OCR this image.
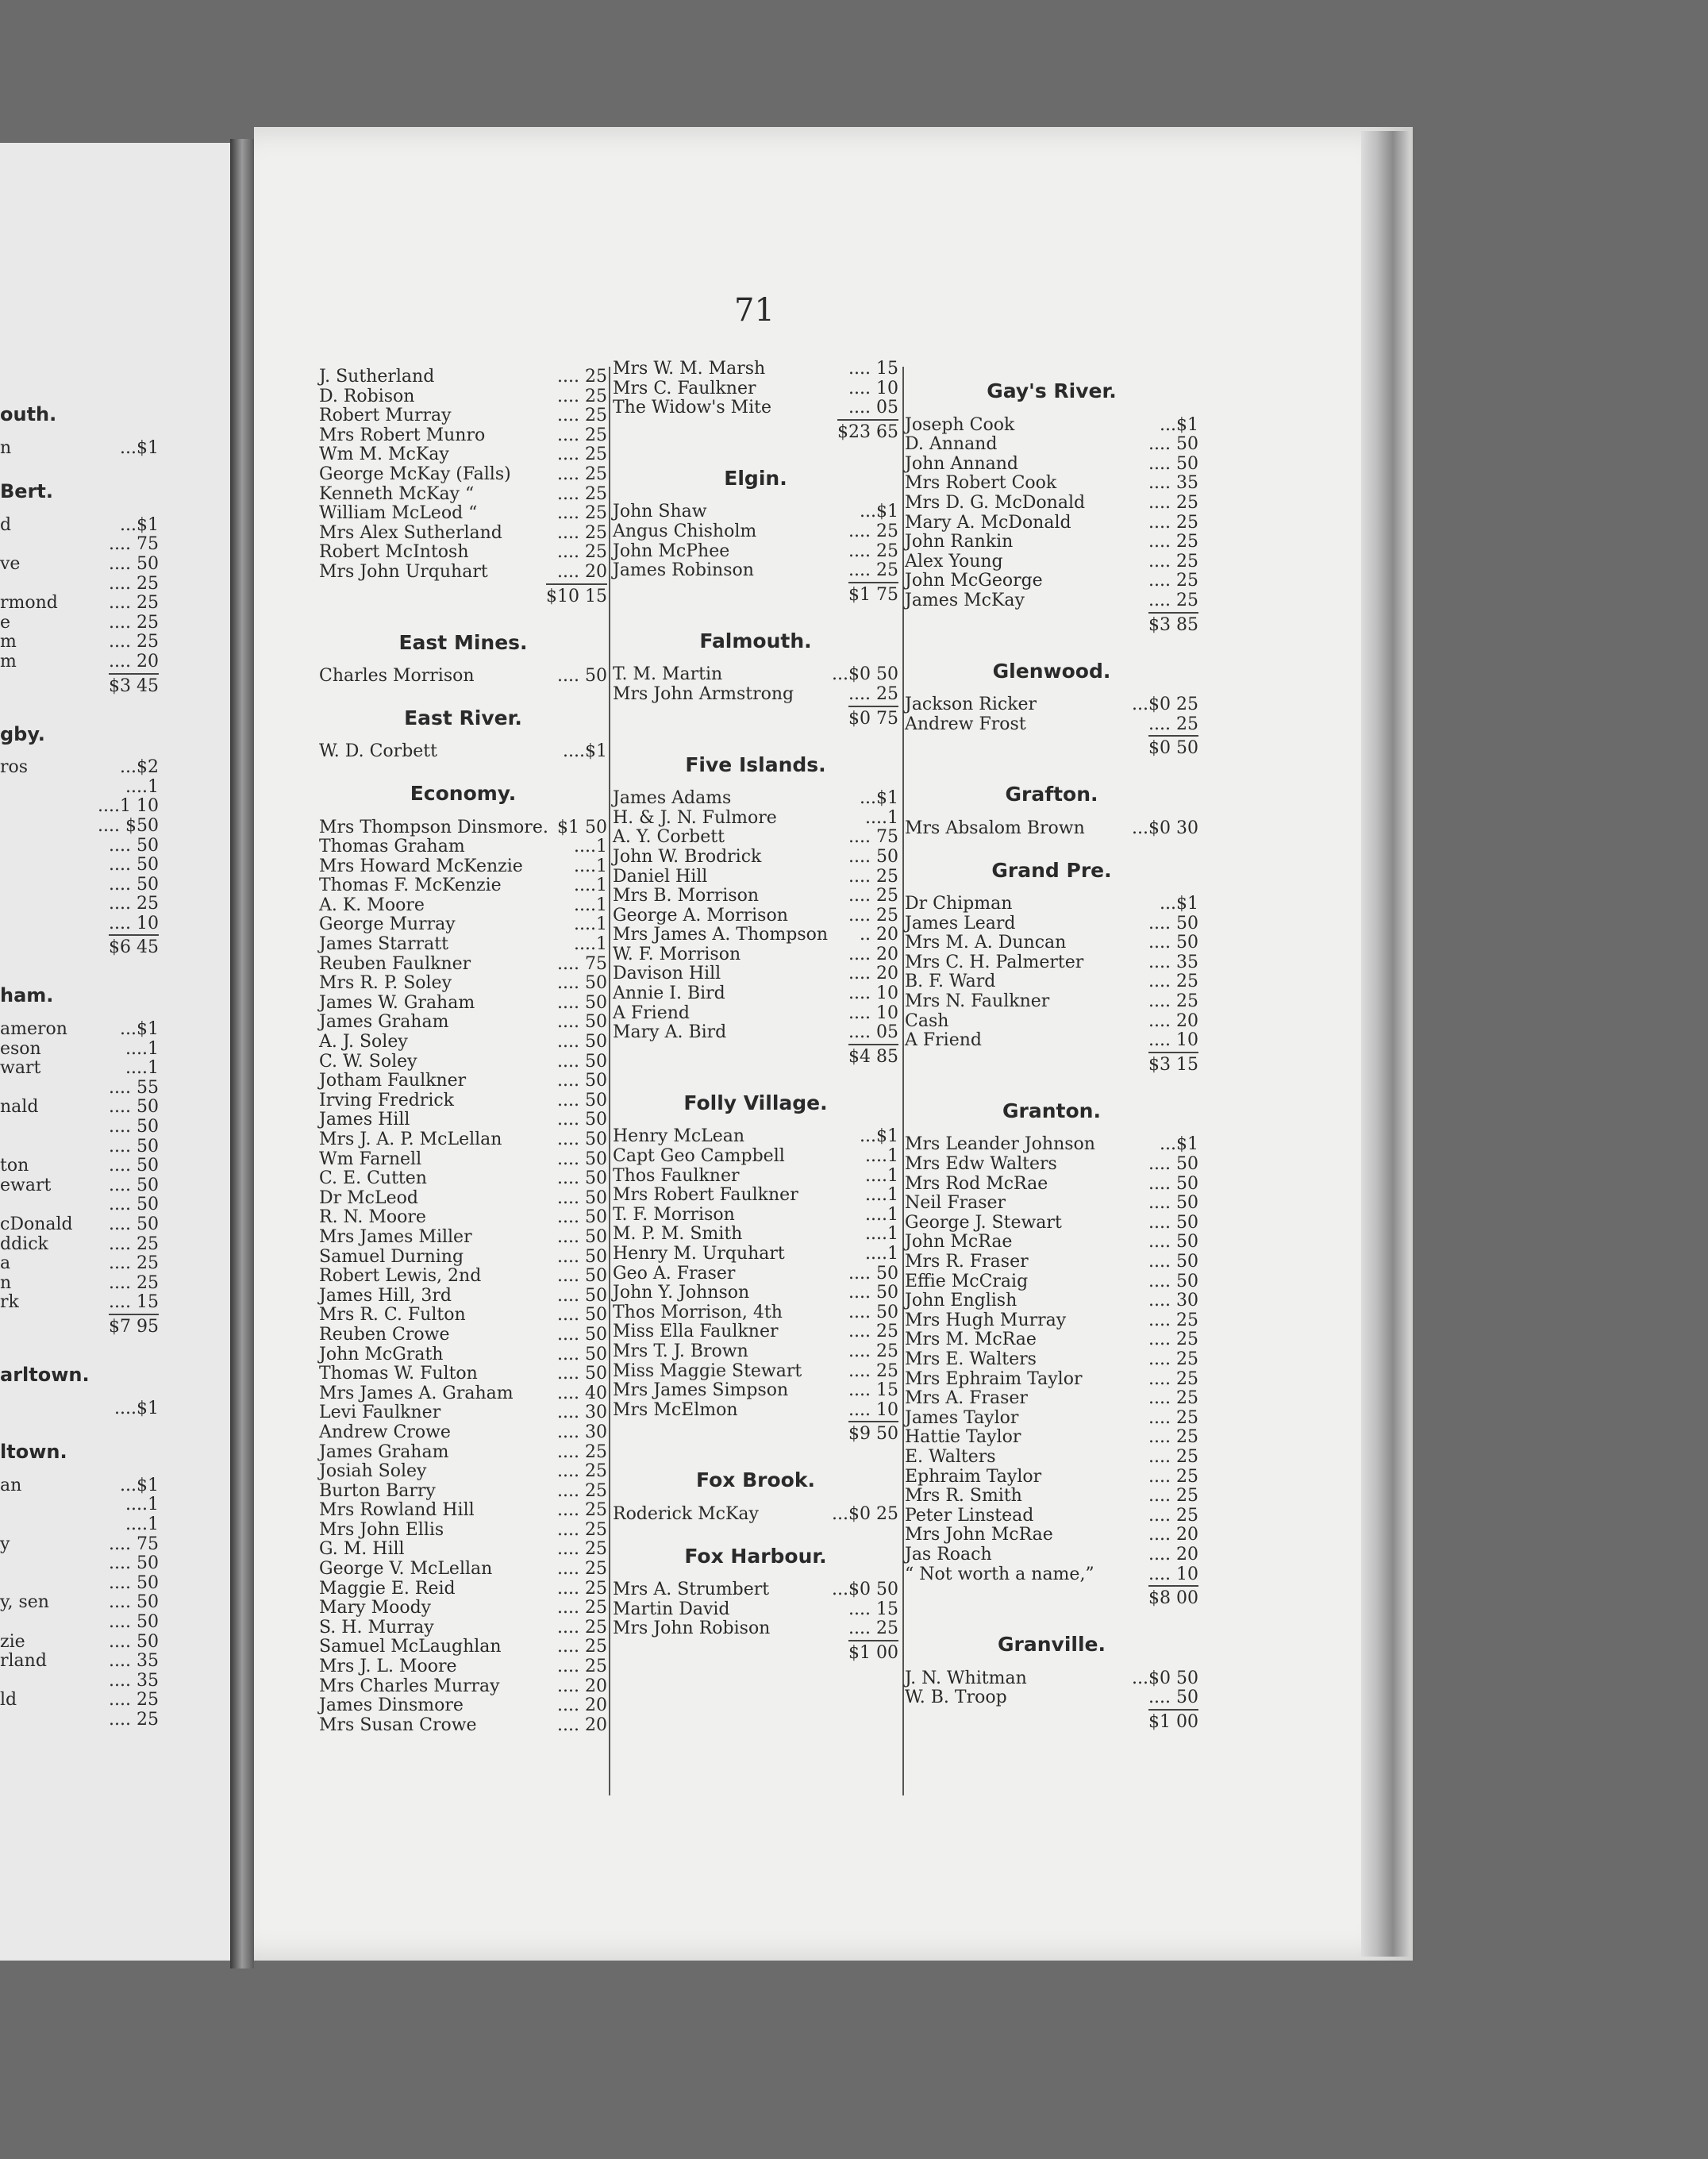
outh.
n	...$1
Bert.
d	...$1
.... 75
ve	.... 50
.... 25
rmond	.... 25
e	.... 25
m	.... 25
m	.... 20
$3 45
gby.
ros	...$2
....1
....1 10
.... $50
.... 50
.... 50
.... 50
.... 25
.... 10
$6 45
ham.
ameron	...$1
eson	....1
wart	....1
.... 55
nald	.... 50
.... 50
.... 50
ton	.... 50
ewart	.... 50
.... 50
cDonald .... 50
ddick	.... 25
a	.... 25
n	.... 25
rk	.... 15
$7 95
arltown.
....$1
ltown.
an	...$1
....1
....1
y	.... 75
.... 50
.... 50
y, sen	.... 50
.... 50
zie	.... 50
rland	.... 35
.... 35
ld	.... 25
.... 25
71
J. Sutherland	.... 25
D. Robison	.... 25
Robert Murray	.... 25
Mrs Robert Munro	.... 25
Wm M. McKay	.... 25
George McKay (Falls)	.... 25
Kenneth McKay “	.... 25
William McLeod “	.... 25
Mrs Alex Sutherland	.... 25
Robert McIntosh	.... 25
Mrs John Urquhart	.... 20
$10 15
East Mines.
Charles Morrison	.... 50
East River.
W. D. Corbett	....$1
Economy.
Mrs Thompson Dinsmore. $1 50
Thomas Graham	....1
Mrs Howard McKenzie	....1
Thomas F. McKenzie	....1
A. K. Moore	....1
George Murray	....1
James Starratt	....1
Reuben Faulkner	.... 75
Mrs R. P. Soley	.... 50
James W. Graham	.... 50
James Graham	.... 50
A. J. Soley	.... 50
C. W. Soley	.... 50
Jotham Faulkner	.... 50
Irving Fredrick	.... 50
James Hill	.... 50
Mrs J. A. P. McLellan	.... 50
Wm Farnell	.... 50
C. E. Cutten	.... 50
Dr McLeod	.... 50
R. N. Moore	.... 50
Mrs James Miller	.... 50
Samuel Durning	.... 50
Robert Lewis, 2nd	.... 50
James Hill, 3rd	.... 50
Mrs R. C. Fulton	.... 50
Reuben Crowe	.... 50
John McGrath	.... 50
Thomas W. Fulton	.... 50
Mrs James A. Graham	.... 40
Levi Faulkner	.... 30
Andrew Crowe	.... 30
James Graham	.... 25
Josiah Soley	.... 25
Burton Barry	.... 25
Mrs Rowland Hill	.... 25
Mrs John Ellis	.... 25
G. M. Hill	.... 25
George V. McLellan	.... 25
Maggie E. Reid	.... 25
Mary Moody	.... 25
S. H. Murray	.... 25
Samuel McLaughlan	.... 25
Mrs J. L. Moore	.... 25
Mrs Charles Murray	.... 20
James Dinsmore	.... 20
Mrs Susan Crowe	.... 20
Mrs W. M. Marsh	.... 15
Mrs C. Faulkner	.... 10
The Widow's Mite	.... 05
$23 65
Elgin.
John Shaw	...$1
Angus Chisholm	.... 25
John McPhee	.... 25
James Robinson	.... 25
$1 75
Falmouth.
T. M. Martin	...$0 50
Mrs John Armstrong	.... 25
$0 75
Five Islands.
James Adams	...$1
H. & J. N. Fulmore	....1
A. Y. Corbett	.... 75
John W. Brodrick	.... 50
Daniel Hill	.... 25
Mrs B. Morrison	.... 25
George A. Morrison	.... 25
Mrs James A. Thompson .. 20
W. F. Morrison	.... 20
Davison Hill	.... 20
Annie I. Bird	.... 10
A Friend	.... 10
Mary A. Bird	.... 05
$4 85
Folly Village.
Henry McLean	...$1
Capt Geo Campbell	....1
Thos Faulkner	....1
Mrs Robert Faulkner	....1
T. F. Morrison	....1
M. P. M. Smith	....1
Henry M. Urquhart	....1
Geo A. Fraser	.... 50
John Y. Johnson	.... 50
Thos Morrison, 4th	.... 50
Miss Ella Faulkner	.... 25
Mrs T. J. Brown	.... 25
Miss Maggie Stewart	.... 25
Mrs James Simpson	.... 15
Mrs McElmon	.... 10
$9 50
Fox Brook.
Roderick McKay	...$0 25
Fox Harbour.
Mrs A. Strumbert	...$0 50
Martin David	.... 15
Mrs John Robison	.... 25
$1 00
Gay's River.
Joseph Cook	...$1
D. Annand	.... 50
John Annand	.... 50
Mrs Robert Cook	.... 35
Mrs D. G. McDonald	.... 25
Mary A. McDonald	.... 25
John Rankin	.... 25
Alex Young	.... 25
John McGeorge	.... 25
James McKay	.... 25
$3 85
Glenwood.
Jackson Ricker	...$0 25
Andrew Frost	.... 25
$0 50
Grafton.
Mrs Absalom Brown	...$0 30
Grand Pre.
Dr Chipman	...$1
James Leard	.... 50
Mrs M. A. Duncan	.... 50
Mrs C. H. Palmerter	.... 35
B. F. Ward	.... 25
Mrs N. Faulkner	.... 25
Cash	.... 20
A Friend	.... 10
$3 15
Granton.
Mrs Leander Johnson	...$1
Mrs Edw Walters	.... 50
Mrs Rod McRae	.... 50
Neil Fraser	.... 50
George J. Stewart	.... 50
John McRae	.... 50
Mrs R. Fraser	.... 50
Effie McCraig	.... 50
John English	.... 30
Mrs Hugh Murray	.... 25
Mrs M. McRae	.... 25
Mrs E. Walters	.... 25
Mrs Ephraim Taylor	.... 25
Mrs A. Fraser	.... 25
James Taylor	.... 25
Hattie Taylor	.... 25
E. Walters	.... 25
Ephraim Taylor	.... 25
Mrs R. Smith	.... 25
Peter Linstead	.... 25
Mrs John McRae	.... 20
Jas Roach	.... 20
“ Not worth a name,”	.... 10
$8 00
Granville.
J. N. Whitman	...$0 50
W. B. Troop	.... 50
$1 00
